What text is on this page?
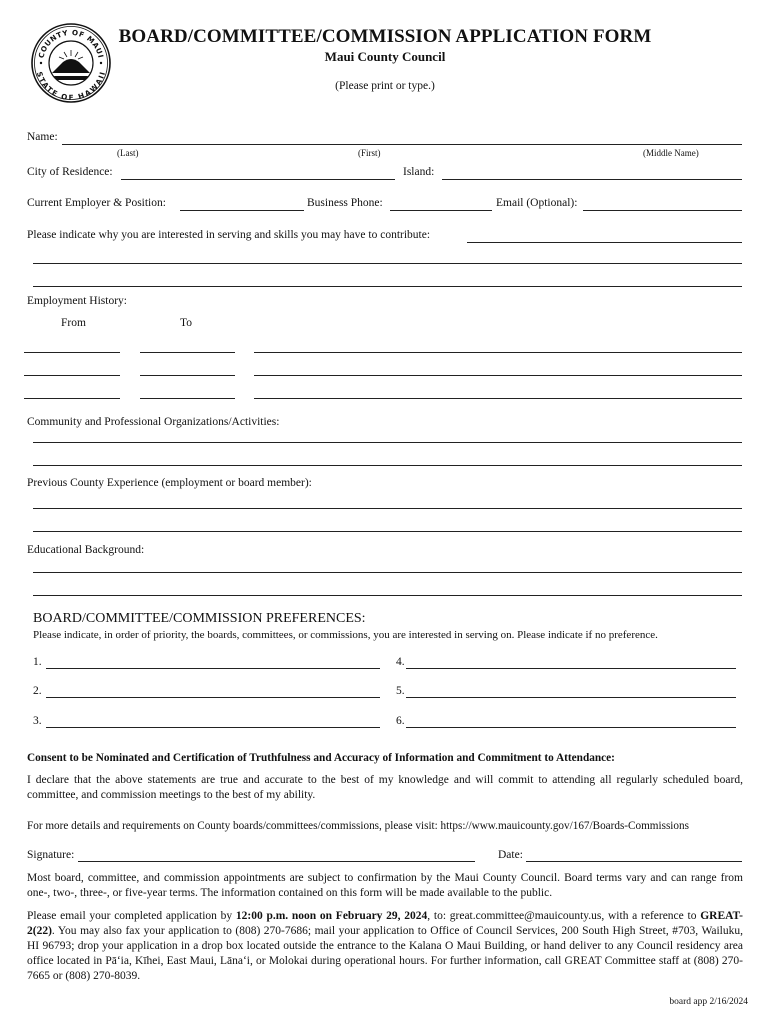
COUNTY OF MAUI
STATE OF HAWAII
BOARD/COMMITTEE/COMMISSION APPLICATION FORM
Maui County Council
(Please print or type.)
Name:
(Last)	(First)	(Middle Name)
City of Residence:	Island:
Current Employer & Position:	Business Phone:	Email (Optional):
Please indicate why you are interested in serving and skills you may have to contribute:
Employment History:
From	To
Community and Professional Organizations/Activities:
Previous County Experience (employment or board member):
Educational Background:
BOARD/COMMITTEE/COMMISSION PREFERENCES:
Please indicate, in order of priority, the boards, committees, or commissions, you are interested in serving on. Please indicate if no preference.
1.	4.
2.	5.
3.	6.
Consent to be Nominated and Certification of Truthfulness and Accuracy of Information and Commitment to Attendance:
I declare that the above statements are true and accurate to the best of my knowledge and will commit to attending all regularly scheduled board, committee, and commission meetings to the best of my ability.
For more details and requirements on County boards/committees/commissions, please visit: https://www.mauicounty.gov/167/Boards-Commissions
Signature:	Date:
Most board, committee, and commission appointments are subject to confirmation by the Maui County Council. Board terms vary and can range from one-, two-, three-, or five-year terms. The information contained on this form will be made available to the public.
Please email your completed application by 12:00 p.m. noon on February 29, 2024, to: great.committee@mauicounty.us, with a reference to GREAT-2(22). You may also fax your application to (808) 270-7686; mail your application to Office of Council Services, 200 South High Street, #703, Wailuku, HI 96793; drop your application in a drop box located outside the entrance to the Kalana O Maui Building, or hand deliver to any Council residency area office located in Pāʻia, Kīhei, East Maui, Lānaʻi, or Molokai during operational hours. For further information, call GREAT Committee staff at (808) 270-7665 or (808) 270-8039.
board app 2/16/2024
